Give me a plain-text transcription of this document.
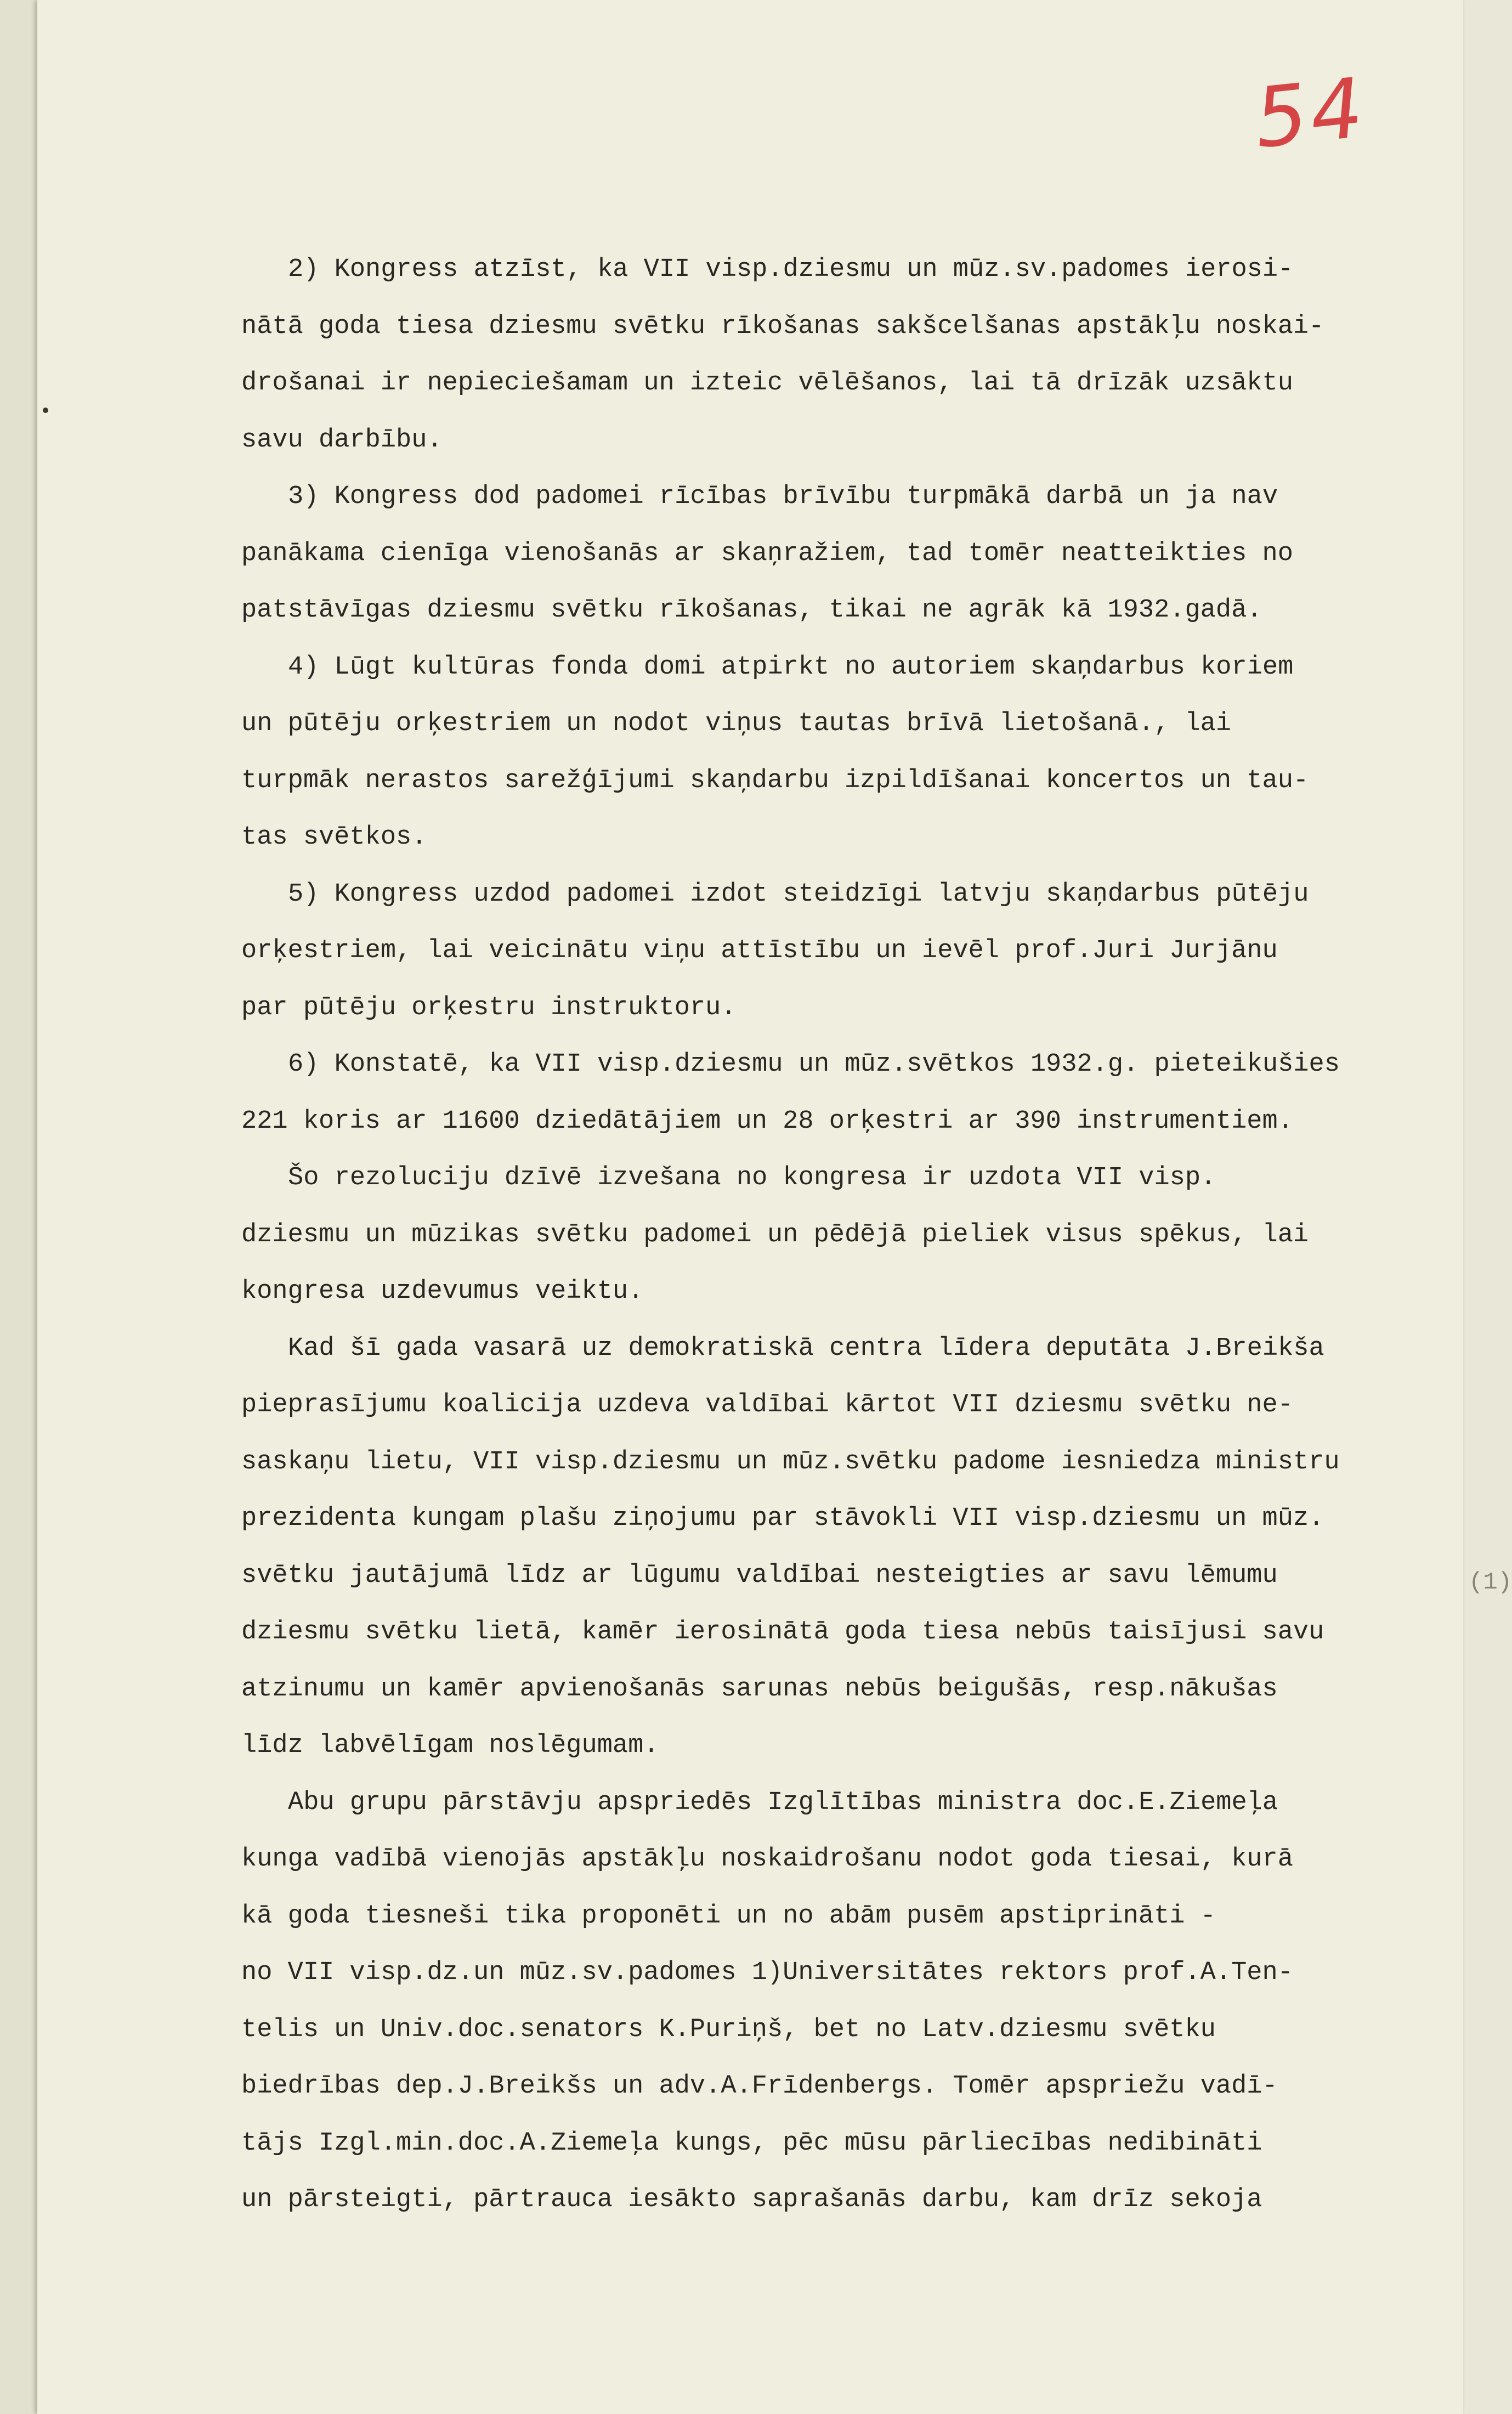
54
(1)
2) Kongress atzīst, ka VII visp.dziesmu un mūz.sv.padomes ierosi-
nātā goda tiesa dziesmu svētku rīkošanas sakšcelšanas apstākļu noskai-
drošanai ir nepieciešamam un izteic vēlēšanos, lai tā drīzāk uzsāktu
savu darbību.
3) Kongress dod padomei rīcības brīvību turpmākā darbā un ja nav
panākama cienīga vienošanās ar skaņražiem, tad tomēr neatteikties no
patstāvīgas dziesmu svētku rīkošanas, tikai ne agrāk kā 1932.gadā.
4) Lūgt kultūras fonda domi atpirkt no autoriem skaņdarbus koriem
un pūtēju orķestriem un nodot viņus tautas brīvā lietošanā., lai
turpmāk nerastos sarežģījumi skaņdarbu izpildīšanai koncertos un tau-
tas svētkos.
5) Kongress uzdod padomei izdot steidzīgi latvju skaņdarbus pūtēju
orķestriem, lai veicinātu viņu attīstību un ievēl prof.Juri Jurjānu
par pūtēju orķestru instruktoru.
6) Konstatē, ka VII visp.dziesmu un mūz.svētkos 1932.g. pieteikušies
221 koris ar 11600 dziedātājiem un 28 orķestri ar 390 instrumentiem.
Šo rezoluciju dzīvē izvešana no kongresa ir uzdota VII visp.
dziesmu un mūzikas svētku padomei un pēdējā pieliek visus spēkus, lai
kongresa uzdevumus veiktu.
Kad šī gada vasarā uz demokratiskā centra līdera deputāta J.Breikša
pieprasījumu koalicija uzdeva valdībai kārtot VII dziesmu svētku ne-
saskaņu lietu, VII visp.dziesmu un mūz.svētku padome iesniedza ministru
prezidenta kungam plašu ziņojumu par stāvokli VII visp.dziesmu un mūz.
svētku jautājumā līdz ar lūgumu valdībai nesteigties ar savu lēmumu
dziesmu svētku lietā, kamēr ierosinātā goda tiesa nebūs taisījusi savu
atzinumu un kamēr apvienošanās sarunas nebūs beigušās, resp.nākušas
līdz labvēlīgam noslēgumam.
Abu grupu pārstāvju apspriedēs Izglītības ministra doc.E.Ziemeļa
kunga vadībā vienojās apstākļu noskaidrošanu nodot goda tiesai, kurā
kā goda tiesneši tika proponēti un no abām pusēm apstiprināti -
no VII visp.dz.un mūz.sv.padomes 1)Universitātes rektors prof.A.Ten-
telis un Univ.doc.senators K.Puriņš, bet no Latv.dziesmu svētku
biedrības dep.J.Breikšs un adv.A.Frīdenbergs. Tomēr apspriežu vadī-
tājs Izgl.min.doc.A.Ziemeļa kungs, pēc mūsu pārliecības nedibināti
un pārsteigti, pārtrauca iesākto saprašanās darbu, kam drīz sekoja
